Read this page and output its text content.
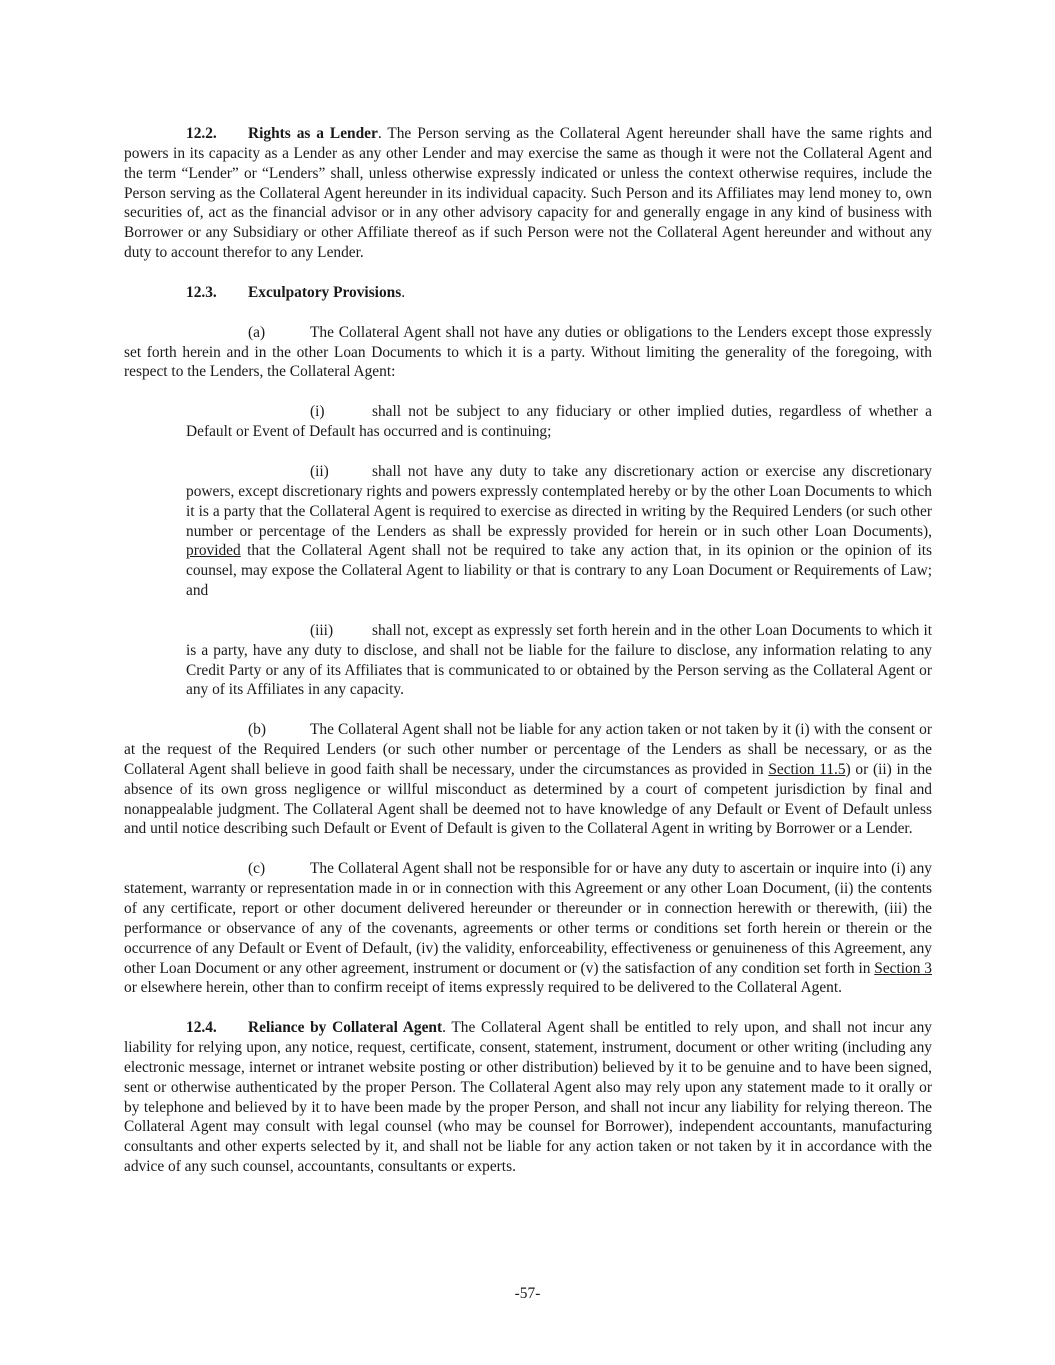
12.2. Rights as a Lender. The Person serving as the Collateral Agent hereunder shall have the same rights and powers in its capacity as a Lender as any other Lender and may exercise the same as though it were not the Collateral Agent and the term “Lender” or “Lenders” shall, unless otherwise expressly indicated or unless the context otherwise requires, include the Person serving as the Collateral Agent hereunder in its individual capacity. Such Person and its Affiliates may lend money to, own securities of, act as the financial advisor or in any other advisory capacity for and generally engage in any kind of business with Borrower or any Subsidiary or other Affiliate thereof as if such Person were not the Collateral Agent hereunder and without any duty to account therefor to any Lender.

12.3. Exculpatory Provisions.

(a)	The Collateral Agent shall not have any duties or obligations to the Lenders except those expressly set forth herein and in the other Loan Documents to which it is a party. Without limiting the generality of the foregoing, with respect to the Lenders, the Collateral Agent:

(i)	shall not be subject to any fiduciary or other implied duties, regardless of whether a Default or Event of Default has occurred and is continuing;

(ii)	shall not have any duty to take any discretionary action or exercise any discretionary powers, except discretionary rights and powers expressly contemplated hereby or by the other Loan Documents to which it is a party that the Collateral Agent is required to exercise as directed in writing by the Required Lenders (or such other number or percentage of the Lenders as shall be expressly provided for herein or in such other Loan Documents), provided that the Collateral Agent shall not be required to take any action that, in its opinion or the opinion of its counsel, may expose the Collateral Agent to liability or that is contrary to any Loan Document or Requirements of Law; and

(iii)	shall not, except as expressly set forth herein and in the other Loan Documents to which it is a party, have any duty to disclose, and shall not be liable for the failure to disclose, any information relating to any Credit Party or any of its Affiliates that is communicated to or obtained by the Person serving as the Collateral Agent or any of its Affiliates in any capacity.

(b)	The Collateral Agent shall not be liable for any action taken or not taken by it (i) with the consent or at the request of the Required Lenders (or such other number or percentage of the Lenders as shall be necessary, or as the Collateral Agent shall believe in good faith shall be necessary, under the circumstances as provided in Section 11.5) or (ii) in the absence of its own gross negligence or willful misconduct as determined by a court of competent jurisdiction by final and nonappealable judgment. The Collateral Agent shall be deemed not to have knowledge of any Default or Event of Default unless and until notice describing such Default or Event of Default is given to the Collateral Agent in writing by Borrower or a Lender.

(c)	The Collateral Agent shall not be responsible for or have any duty to ascertain or inquire into (i) any statement, warranty or representation made in or in connection with this Agreement or any other Loan Document, (ii) the contents of any certificate, report or other document delivered hereunder or thereunder or in connection herewith or therewith, (iii) the performance or observance of any of the covenants, agreements or other terms or conditions set forth herein or therein or the occurrence of any Default or Event of Default, (iv) the validity, enforceability, effectiveness or genuineness of this Agreement, any other Loan Document or any other agreement, instrument or document or (v) the satisfaction of any condition set forth in Section 3 or elsewhere herein, other than to confirm receipt of items expressly required to be delivered to the Collateral Agent.

12.4. Reliance by Collateral Agent. The Collateral Agent shall be entitled to rely upon, and shall not incur any liability for relying upon, any notice, request, certificate, consent, statement, instrument, document or other writing (including any electronic message, internet or intranet website posting or other distribution) believed by it to be genuine and to have been signed, sent or otherwise authenticated by the proper Person. The Collateral Agent also may rely upon any statement made to it orally or by telephone and believed by it to have been made by the proper Person, and shall not incur any liability for relying thereon. The Collateral Agent may consult with legal counsel (who may be counsel for Borrower), independent accountants, manufacturing consultants and other experts selected by it, and shall not be liable for any action taken or not taken by it in accordance with the advice of any such counsel, accountants, consultants or experts.

-57-
